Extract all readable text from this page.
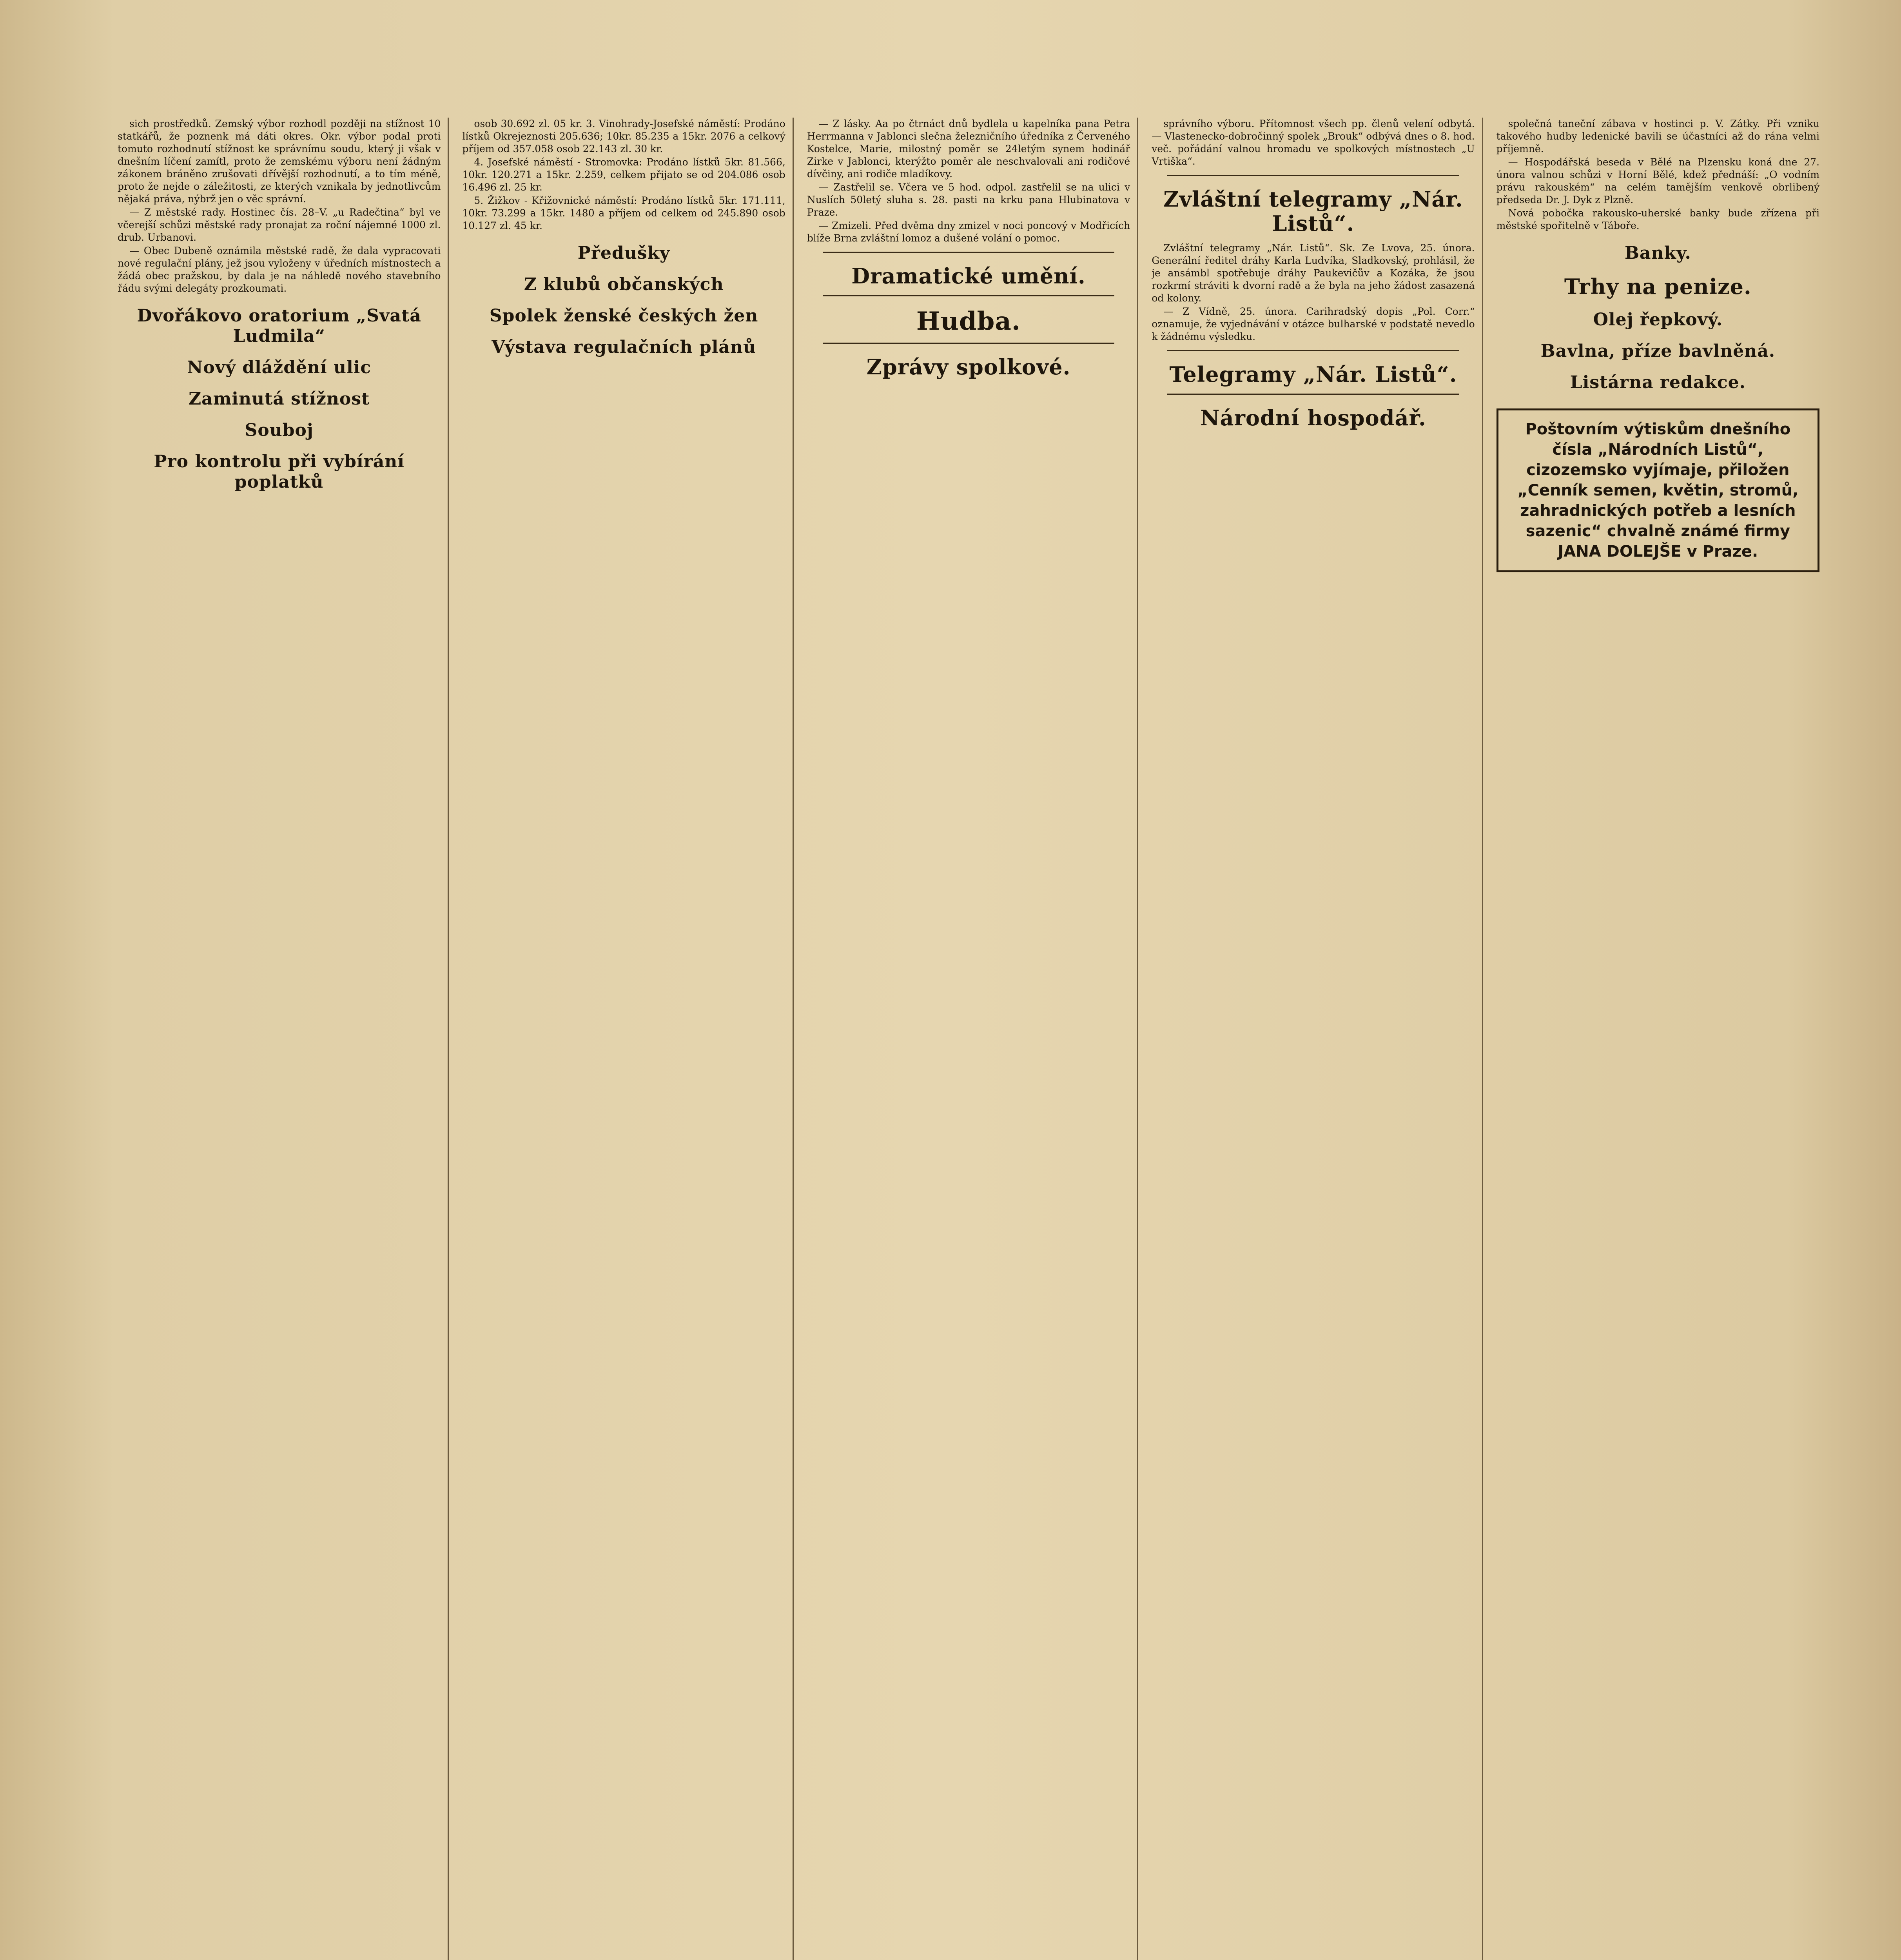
sich prostředků. Zemský výbor rozhodl později na stížnost 10 statkářů, že poznenk má dáti okres. Okr. výbor podal proti tomuto rozhodnutí stížnost ke správnímu soudu, který ji však v dnešním líčení zamítl, proto že zemskému výboru není žádným zákonem bráněno zrušovati dřívější rozhodnutí, a to tím méně, proto že nejde o záležitosti, ze kterých vznikala by jednotlivcům nějaká práva, nýbrž jen o věc správní.

— Z městské rady. Hostinec čís. 28–V. „u Radečtina“ byl ve včerejší schůzi městské rady pronajat za roční nájemné 1000 zl. drub. Urbanovi.

— Obec Dubeně oznámila městské radě, že dala vypracovati nové regulační plány, jež jsou vyloženy v úředních místnostech a žádá obec pražskou, by dala je na náhledě nového stavebního řádu svými delegáty prozkoumati.

Dvořákovo oratorium „Svatá Ludmila“
Nový dláždění ulic
Zaminutá stížnost
Souboj
Pro kontrolu při vybírání poplatků

osob 30.692 zl. 05 kr. 3. Vinohrady-Josefské náměstí: Prodáno lístků Okrejeznosti 205.636; 10kr. 85.235 a 15kr. 2076 a celkový příjem od 357.058 osob 22.143 zl. 30 kr.

4. Josefské náměstí - Stromovka: Prodáno lístků 5kr. 81.566, 10kr. 120.271 a 15kr. 2.259, celkem přijato se od 204.086 osob 16.496 zl. 25 kr.

5. Žižkov - Křižovnické náměstí: Prodáno lístků 5kr. 171.111, 10kr. 73.299 a 15kr. 1480 a příjem od celkem od 245.890 osob 10.127 zl. 45 kr.

Předušky
Z klubů občanských
Spolek ženské českých žen
Výstava regulačních plánů

— Z lásky. Aa po čtrnáct dnů bydlela u kapelníka pana Petra Herrmanna v Jablonci slečna železničního úředníka z Červeného Kostelce, Marie, milostný poměr se 24letým synem hodinář Zirke v Jablonci, kterýžto poměr ale neschvalovali ani rodičové dívčiny, ani rodiče mladíkovy.

— Zastřelil se. Včera ve 5 hod. odpol. zastřelil se na ulici v Nuslích 50letý sluha s. 28. pasti na krku pana Hlubinatova v Praze.

— Zmizeli. Před dvěma dny zmizel v noci poncový v Modřicích blíže Brna zvláštní lomoz a dušené volání o pomoc.

Dramatické umění.
Hudba.
Zprávy spolkové.

správního výboru. Přítomnost všech pp. členů velení odbytá. — Vlastenecko-dobročinný spolek „Brouk“ odbývá dnes o 8. hod. več. pořádání valnou hromadu ve spolkových místnostech „U Vrtiška“.

Zvláštní telegramy „Nár. Listů“.

Zvláštní telegramy „Nár. Listů“. Sk. Ze Lvova, 25. února. Generální ředitel dráhy Karla Ludvíka, Sladkovský, prohlásil, že je ansámbl spotřebuje dráhy Paukevičův a Kozáka, že jsou rozkrmí stráviti k dvorní radě a že byla na jeho žádost zasazená od kolony.

— Z Vídně, 25. února. Carihradský dopis „Pol. Corr.“ oznamuje, že vyjednávání v otázce bulharské v podstatě nevedlo k žádnému výsledku.

Telegramy „Nár. Listů“.
Národní hospodář.

společná taneční zábava v hostinci p. V. Zátky. Při vzniku takového hudby ledenické bavili se účastníci až do rána velmi příjemně.

— Hospodářská beseda v Bělé na Plzensku koná dne 27. února valnou schůzi v Horní Bělé, kdež přednáší: „O vodním právu rakouském“ na celém tamějším venkově obrlibený předseda Dr. J. Dyk z Plzně.

Nová pobočka rakousko-uherské banky bude zřízena při městské spořitelně v Táboře.

Banky.
Trhy na penize.
Olej řepkový.
Bavlna, příze bavlněná.
Listárna redakce.
Poštovním výtiskům dnešního čísla „Národních Listů“, cizozemsko vyjímaje, přiložen „Cenník semen, květin, stromů, zahradnických potřeb a lesních sazenic“ chvalně známé firmy JANA DOLEJŠE v Praze.
